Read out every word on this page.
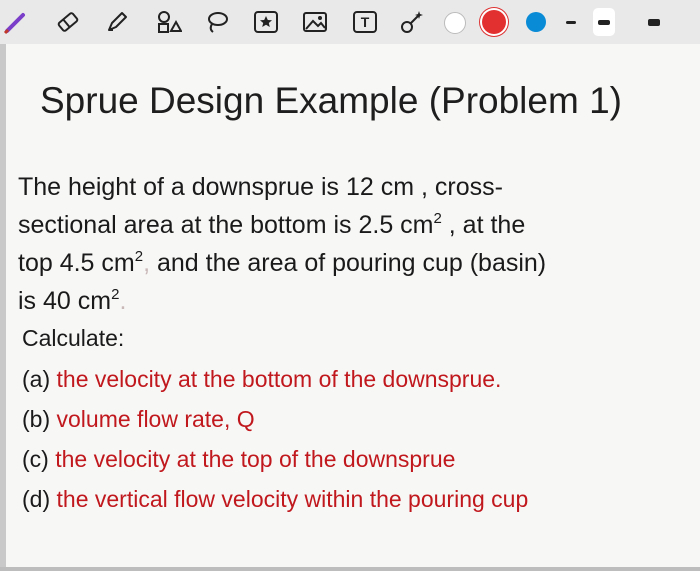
T
Sprue Design Example (Problem 1)
The height of a downsprue is 12 cm , cross-
sectional area at the bottom is 2.5 $cm^2$ , at the
top 4.5 $cm^2$, and the area of pouring cup (basin)
is 40 $cm^2$.
Calculate:
(a) the velocity at the bottom of the downsprue.
(b) volume flow rate, Q
(c) the velocity at the top of the downsprue
(d) the vertical flow velocity within the pouring cup
